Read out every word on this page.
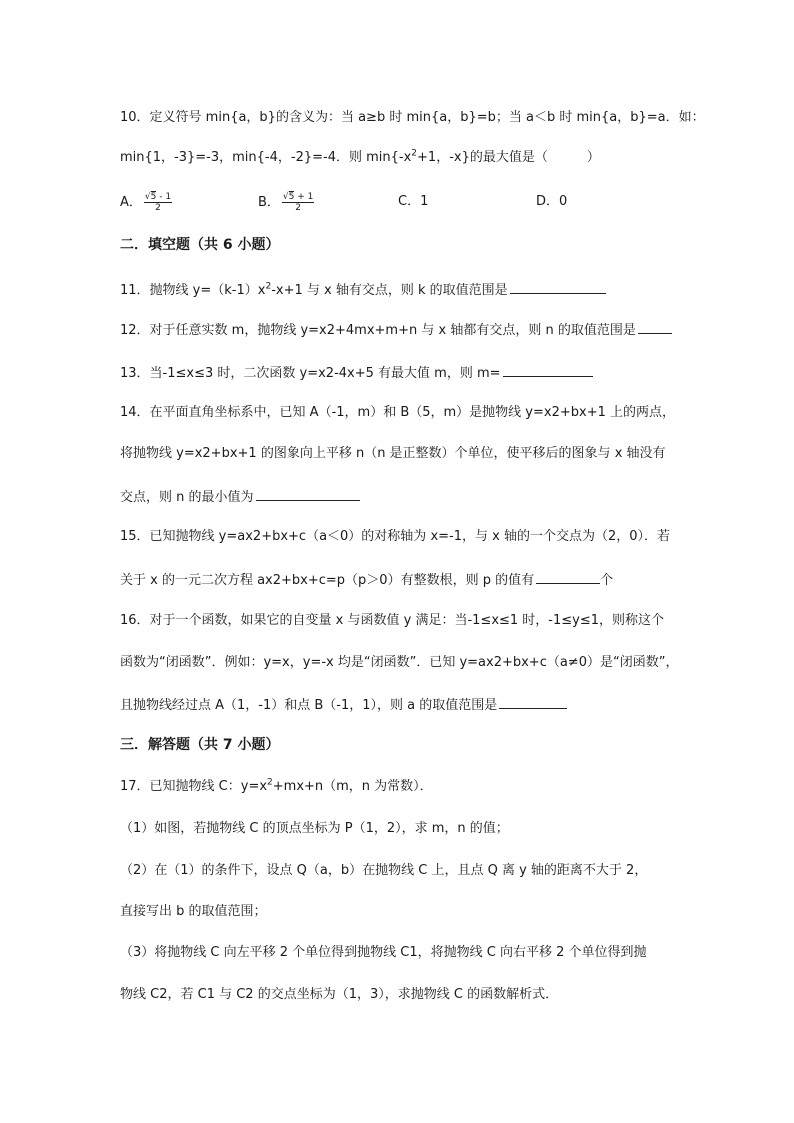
10．定义符号 min{a，b}的含义为：当 a≥b 时 min{a，b}=b；当 a＜b 时 min{a，b}=a．如：
min{1，-3}=-3，min{-4，-2}=-4．则 $\min\{-x^2+1$，-x}的最大值是（　　　）
A． $\frac{√5 - 1}{2}$	B． $\frac{√5 + 1}{2}$	C．1	D．0
二．填空题（共 6 小题）
11．抛物线 $y=(k-1)x^2-x+1$ 与 x 轴有交点，则 k 的取值范围是
12．对于任意实数 m，抛物线 y=x2+4mx+m+n 与 x 轴都有交点，则 n 的取值范围是
13．当-1≤x≤3 时，二次函数 y=x2-4x+5 有最大值 m，则 m=
14．在平面直角坐标系中，已知 A（-1，m）和 B（5，m）是抛物线 y=x2+bx+1 上的两点，
将抛物线 y=x2+bx+1 的图象向上平移 n（n 是正整数）个单位，使平移后的图象与 x 轴没有
交点，则 n 的最小值为
15．已知抛物线 y=ax2+bx+c（a＜0）的对称轴为 x=-1，与 x 轴的一个交点为（2，0）．若
关于 x 的一元二次方程 ax2+bx+c=p（p＞0）有整数根，则 p 的值有	个
16．对于一个函数，如果它的自变量 x 与函数值 y 满足：当-1≤x≤1 时，-1≤y≤1，则称这个
函数为“闭函数”．例如：y=x，y=-x 均是“闭函数”．已知 y=ax2+bx+c（a≠0）是“闭函数”，
且抛物线经过点 A（1，-1）和点 B（-1，1），则 a 的取值范围是
三．解答题（共 7 小题）
17．已知抛物线 C：$y=x^2+mx+n(m$，n 为常数）．
（1）如图，若抛物线 C 的顶点坐标为 P（1，2），求 m，n 的值；
（2）在（1）的条件下，设点 Q（a，b）在抛物线 C 上，且点 Q 离 y 轴的距离不大于 2，
直接写出 b 的取值范围；
（3）将抛物线 C 向左平移 2 个单位得到抛物线 C1，将抛物线 C 向右平移 2 个单位得到抛
物线 C2，若 C1 与 C2 的交点坐标为（1，3），求抛物线 C 的函数解析式．
